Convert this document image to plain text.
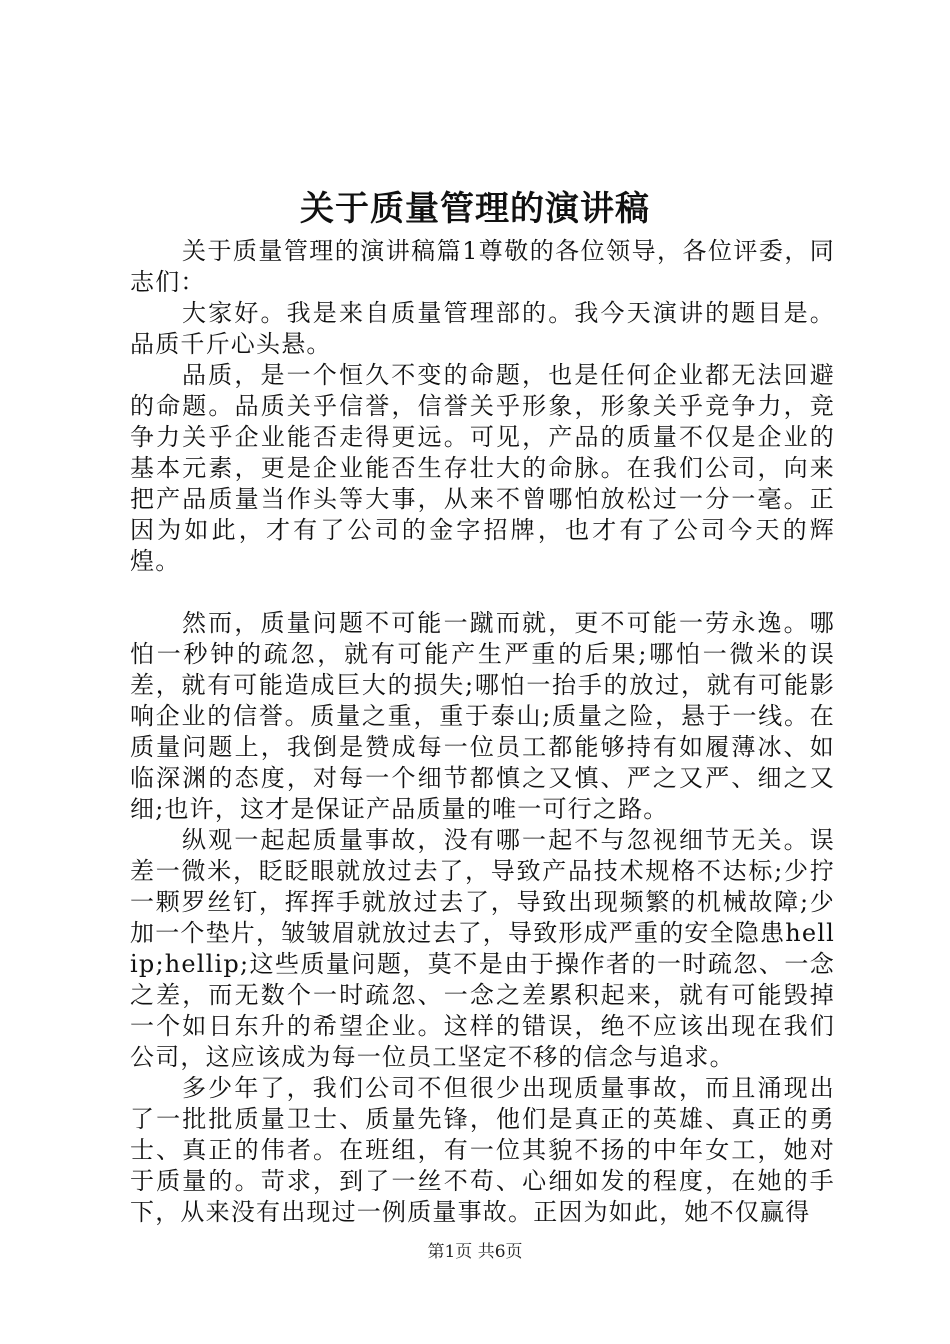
关于质量管理的演讲稿

关于质量管理的演讲稿篇1尊敬的各位领导，各位评委，同志们：

大家好。我是来自质量管理部的。我今天演讲的题目是。品质千斤心头悬。

品质，是一个恒久不变的命题，也是任何企业都无法回避的命题。品质关乎信誉，信誉关乎形象，形象关乎竞争力，竞争力关乎企业能否走得更远。可见，产品的质量不仅是企业的基本元素，更是企业能否生存壮大的命脉。在我们公司，向来把产品质量当作头等大事，从来不曾哪怕放松过一分一毫。正因为如此，才有了公司的金字招牌，也才有了公司今天的辉煌。

然而，质量问题不可能一蹴而就，更不可能一劳永逸。哪怕一秒钟的疏忽，就有可能产生严重的后果;哪怕一微米的误差，就有可能造成巨大的损失;哪怕一抬手的放过，就有可能影响企业的信誉。质量之重，重于泰山;质量之险，悬于一线。在质量问题上，我倒是赞成每一位员工都能够持有如履薄冰、如临深渊的态度，对每一个细节都慎之又慎、严之又严、细之又细;也许，这才是保证产品质量的唯一可行之路。

纵观一起起质量事故，没有哪一起不与忽视细节无关。误差一微米，眨眨眼就放过去了，导致产品技术规格不达标;少拧一颗罗丝钉，挥挥手就放过去了，导致出现频繁的机械故障;少加一个垫片，皱皱眉就放过去了，导致形成严重的安全隐患hellip;hellip;这些质量问题，莫不是由于操作者的一时疏忽、一念之差，而无数个一时疏忽、一念之差累积起来，就有可能毁掉一个如日东升的希望企业。这样的错误，绝不应该出现在我们公司，这应该成为每一位员工坚定不移的信念与追求。

多少年了，我们公司不但很少出现质量事故，而且涌现出了一批批质量卫士、质量先锋，他们是真正的英雄、真正的勇士、真正的伟者。在班组，有一位其貌不扬的中年女工，她对于质量的。苛求，到了一丝不苟、心细如发的程度，在她的手下，从来没有出现过一例质量事故。正因为如此，她不仅赢得

第1页 共6页
